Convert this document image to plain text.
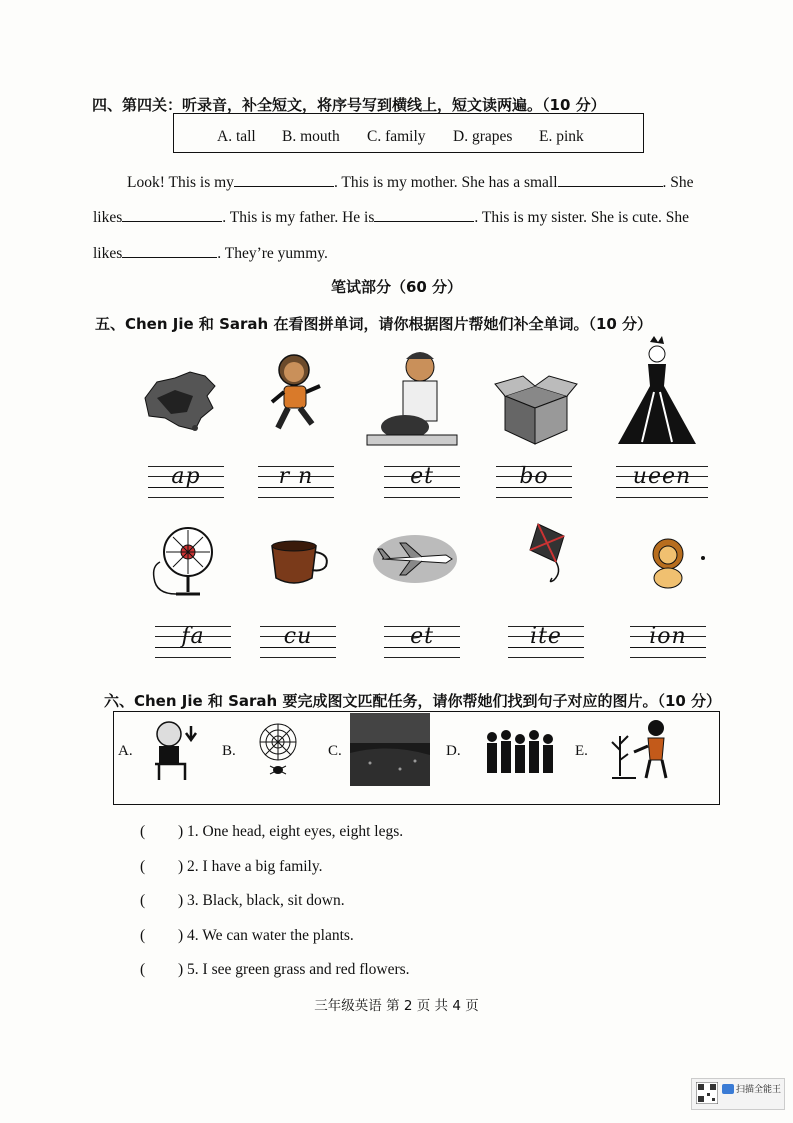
四、第四关：听录音，补全短文，将序号写到横线上，短文读两遍。（10 分）
A. tall B. mouth C. family D. grapes E. pink
Look! This is my	. This is my mother. She has a small	. She
likes	. This is my father. He is	. This is my sister. She is cute. She
likes	. They’re yummy.
笔试部分（60 分）
五、Chen Jie 和 Sarah 在看图拼单词，请你根据图片帮她们补全单词。（10 分）
ap	r n	et	bo	ueen
fa	cu	et	ite	ion
六、Chen Jie 和 Sarah 要完成图文匹配任务，请你帮她们找到句子对应的图片。（10 分）
A.	B.	C.	D.	E.
( ) 1. One head, eight eyes, eight legs.
( ) 2. I have a big family.
( ) 3. Black, black, sit down.
( ) 4. We can water the plants.
( ) 5. I see green grass and red flowers.
三年级英语 第 2 页 共 4 页
扫描全能王
